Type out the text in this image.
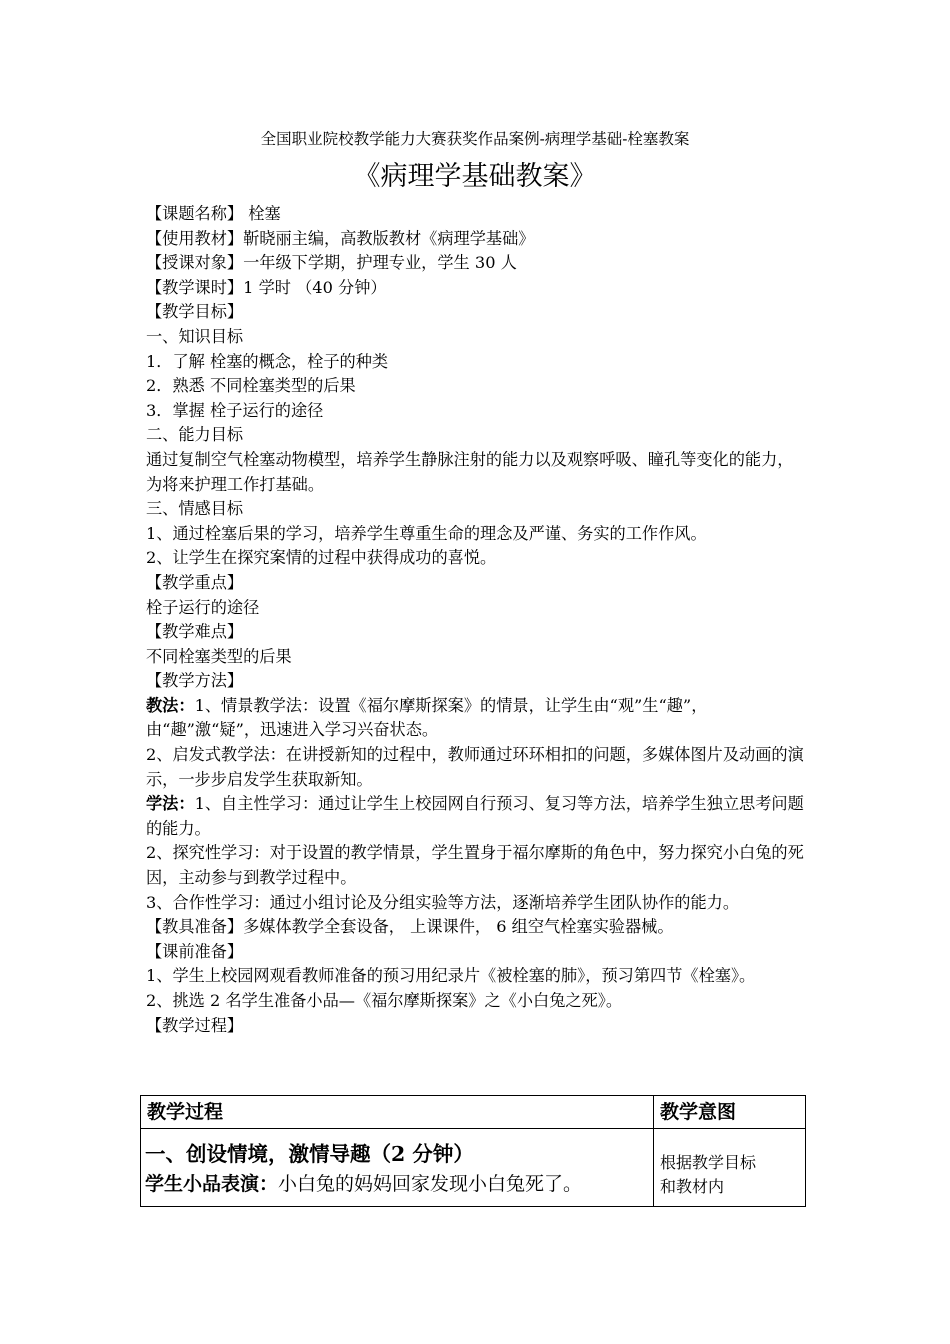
全国职业院校教学能力大赛获奖作品案例-病理学基础-栓塞教案
《病理学基础教案》

【课题名称】 栓塞

【使用教材】靳晓丽主编，高教版教材《病理学基础》

【授课对象】一年级下学期，护理专业，学生 30 人

【教学课时】1 学时 （40 分钟）

【教学目标】

一、知识目标

1．了解 栓塞的概念，栓子的种类

2．熟悉 不同栓塞类型的后果

3．掌握 栓子运行的途径

二、能力目标

通过复制空气栓塞动物模型，培养学生静脉注射的能力以及观察呼吸、瞳孔等变化的能力，为将来护理工作打基础。

三、情感目标

1、通过栓塞后果的学习，培养学生尊重生命的理念及严谨、务实的工作作风。

2、让学生在探究案情的过程中获得成功的喜悦。

【教学重点】

栓子运行的途径

【教学难点】

不同栓塞类型的后果

【教学方法】

教法：1、情景教学法：设置《福尔摩斯探案》的情景，让学生由“观”生“趣”，由“趣”激“疑”，迅速进入学习兴奋状态。

2、启发式教学法：在讲授新知的过程中，教师通过环环相扣的问题，多媒体图片及动画的演示，一步步启发学生获取新知。

学法：1、自主性学习：通过让学生上校园网自行预习、复习等方法，培养学生独立思考问题的能力。

2、探究性学习：对于设置的教学情景，学生置身于福尔摩斯的角色中，努力探究小白兔的死因，主动参与到教学过程中。

3、合作性学习：通过小组讨论及分组实验等方法，逐渐培养学生团队协作的能力。

【教具准备】多媒体教学全套设备， 上课课件， 6 组空气栓塞实验器械。

【课前准备】

1、学生上校园网观看教师准备的预习用纪录片《被栓塞的肺》，预习第四节《栓塞》。

2、挑选 2 名学生准备小品—《福尔摩斯探案》之《小白兔之死》。

【教学过程】

教学过程	教学意图

一、创设情境，激情导趣（2 分钟）
学生小品表演：小白兔的妈妈回家发现小白兔死了。	根据教学目标和教材内
